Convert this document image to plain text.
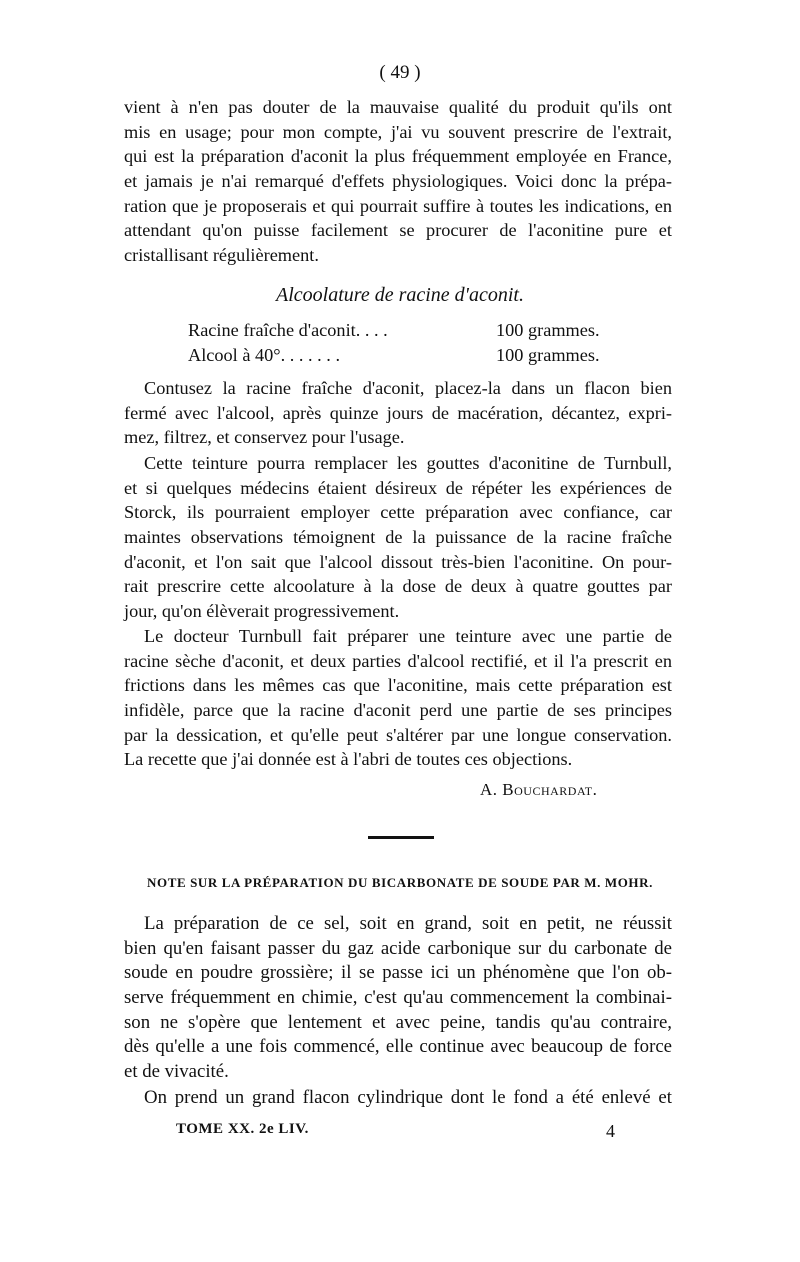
( 49 )
vient à n'en pas douter de la mauvaise qualité du produit qu'ils ont
mis en usage; pour mon compte, j'ai vu souvent prescrire de l'extrait,
qui est la préparation d'aconit la plus fréquemment employée en France,
et jamais je n'ai remarqué d'effets physiologiques. Voici donc la prépa-
ration que je proposerais et qui pourrait suffire à toutes les indications, en
attendant qu'on puisse facilement se procurer de l'aconitine pure et
cristallisant régulièrement.
Alcoolature de racine d'aconit.
Racine fraîche d'aconit. . . .	100 grammes.
Alcool à 40°. . . . . . .	100 grammes.
Contusez la racine fraîche d'aconit, placez-la dans un flacon bien
fermé avec l'alcool, après quinze jours de macération, décantez, expri-
mez, filtrez, et conservez pour l'usage.
Cette teinture pourra remplacer les gouttes d'aconitine de Turnbull,
et si quelques médecins étaient désireux de répéter les expériences de
Storck, ils pourraient employer cette préparation avec confiance, car
maintes observations témoignent de la puissance de la racine fraîche
d'aconit, et l'on sait que l'alcool dissout très-bien l'aconitine. On pour-
rait prescrire cette alcoolature à la dose de deux à quatre gouttes par
jour, qu'on élèverait progressivement.
Le docteur Turnbull fait préparer une teinture avec une partie de
racine sèche d'aconit, et deux parties d'alcool rectifié, et il l'a prescrit en
frictions dans les mêmes cas que l'aconitine, mais cette préparation est
infidèle, parce que la racine d'aconit perd une partie de ses principes
par la dessication, et qu'elle peut s'altérer par une longue conservation.
La recette que j'ai donnée est à l'abri de toutes ces objections.
A. Bouchardat.
NOTE SUR LA PRÉPARATION DU BICARBONATE DE SOUDE PAR M. MOHR.
La préparation de ce sel, soit en grand, soit en petit, ne réussit
bien qu'en faisant passer du gaz acide carbonique sur du carbonate de
soude en poudre grossière; il se passe ici un phénomène que l'on ob-
serve fréquemment en chimie, c'est qu'au commencement la combinai-
son ne s'opère que lentement et avec peine, tandis qu'au contraire,
dès qu'elle a une fois commencé, elle continue avec beaucoup de force
et de vivacité.
On prend un grand flacon cylindrique dont le fond a été enlevé et
TOME XX. 2e LIV.	4
